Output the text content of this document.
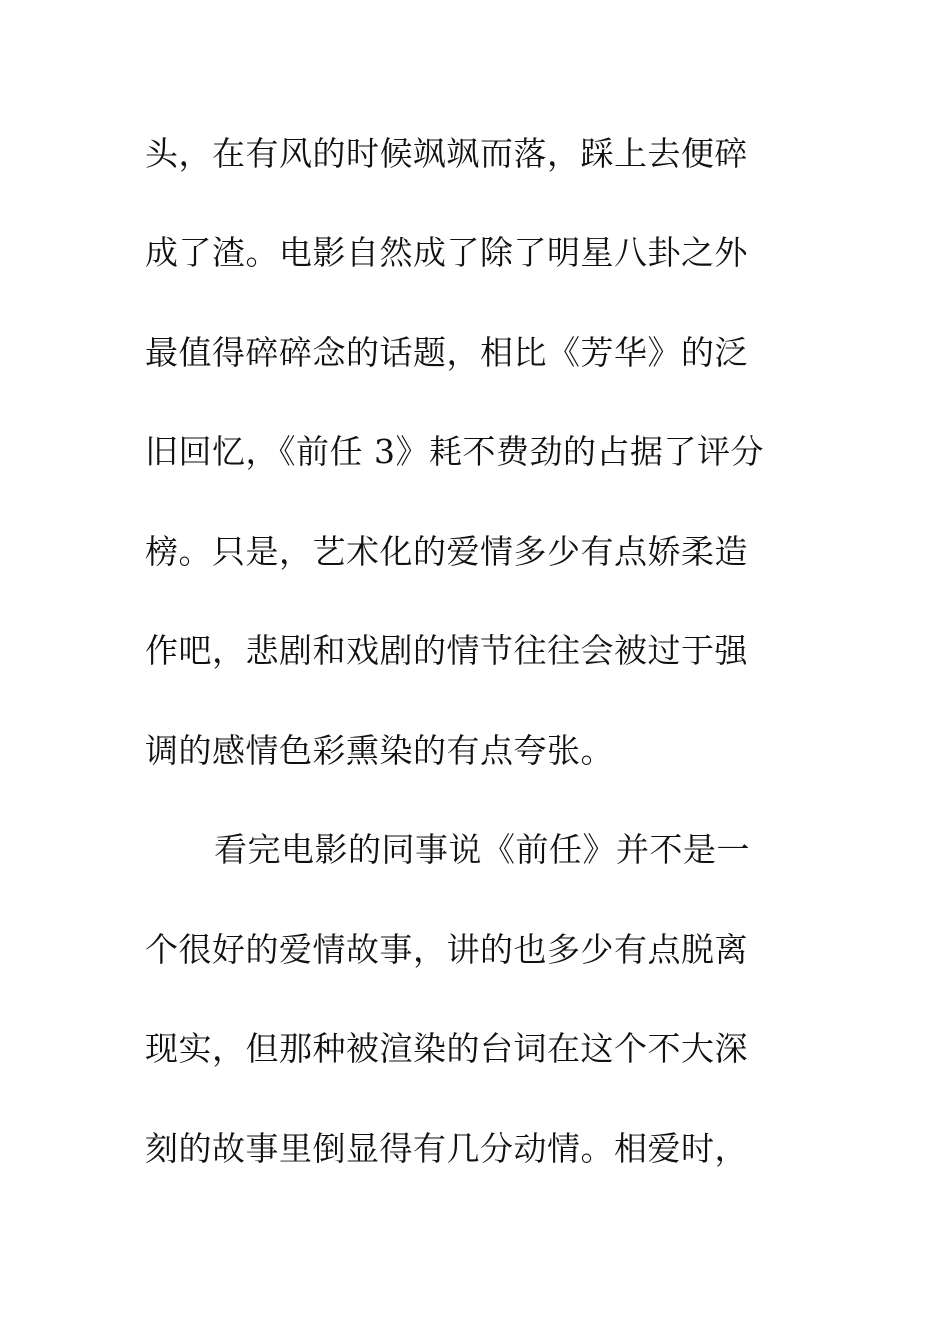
头，在有风的时候飒飒而落，踩上去便碎
成了渣。电影自然成了除了明星八卦之外
最值得碎碎念的话题，相比《芳华》的泛
旧回忆，《前任 3》耗不费劲的占据了评分
榜。只是，艺术化的爱情多少有点娇柔造
作吧，悲剧和戏剧的情节往往会被过于强
调的感情色彩熏染的有点夸张。
看完电影的同事说《前任》并不是一
个很好的爱情故事，讲的也多少有点脱离
现实，但那种被渲染的台词在这个不大深
刻的故事里倒显得有几分动情。相爱时，
